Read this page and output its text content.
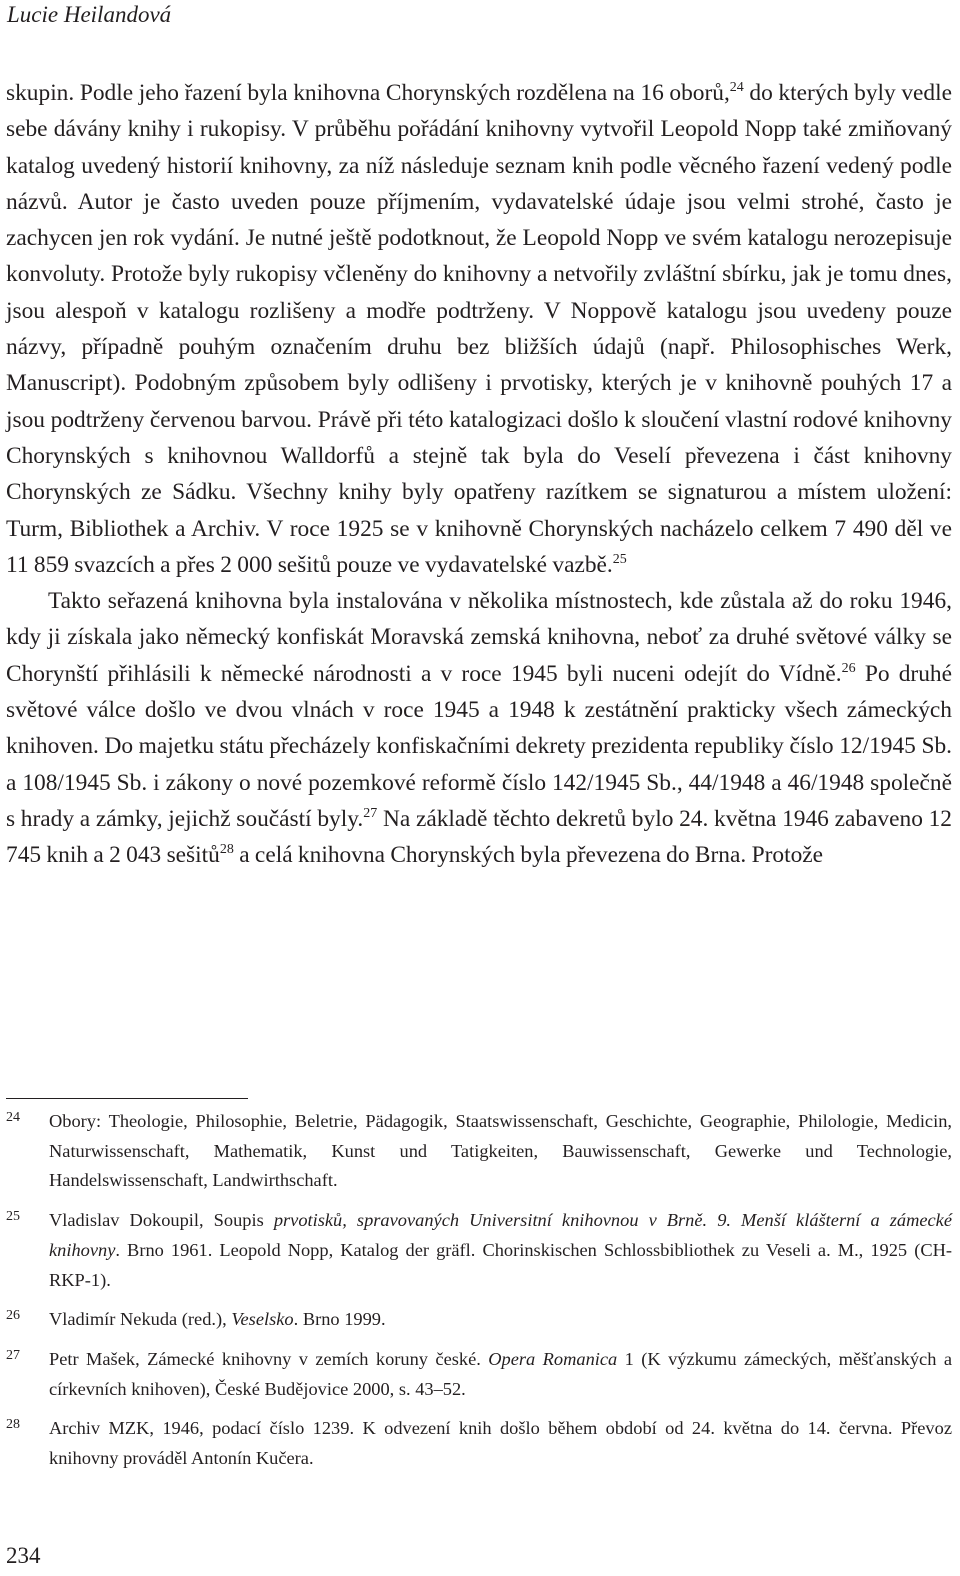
Lucie Heilandová

skupin. Podle jeho řazení byla knihovna Chorynských rozdělena na 16 oborů,$^{24}$ do kterých byly vedle sebe dávány knihy i rukopisy. V průběhu pořádání knihovny vytvořil Leopold Nopp také zmiňovaný katalog uvedený historií knihovny, za níž následuje seznam knih podle věcného řazení vedený podle názvů. Autor je často uveden pouze příjmením, vydavatelské údaje jsou velmi strohé, často je zachycen jen rok vydání. Je nutné ještě podotknout, že Leopold Nopp ve svém katalogu nerozepisuje konvoluty. Protože byly rukopisy včleněny do knihovny a netvořily zvláštní sbírku, jak je tomu dnes, jsou alespoň v katalogu rozlišeny a modře podtrženy. V Noppově katalogu jsou uvedeny pouze názvy, případně pouhým označením druhu bez bližších údajů (např. Philosophisches Werk, Manuscript). Podobným způsobem byly odlišeny i prvotisky, kterých je v knihovně pouhých 17 a jsou podtrženy červenou barvou. Právě při této katalogizaci došlo k sloučení vlastní rodové knihovny Chorynských s knihovnou Walldorfů a stejně tak byla do Veselí převezena i část knihovny Chorynských ze Sádku. Všechny knihy byly opatřeny razítkem se signaturou a místem uložení: Turm, Bibliothek a Archiv. V roce 1925 se v knihovně Chorynských nacházelo celkem 7 490 děl ve 11 859 svazcích a přes 2 000 sešitů pouze ve vydavatelské vazbě.$^{25}$

Takto seřazená knihovna byla instalována v několika místnostech, kde zůstala až do roku 1946, kdy ji získala jako německý konfiskát Moravská zemská knihovna, neboť za druhé světové války se Chorynští přihlásili k německé národnosti a v roce 1945 byli nuceni odejít do Vídně.$^{26}$ Po druhé světové válce došlo ve dvou vlnách v roce 1945 a 1948 k zestátnění prakticky všech zámeckých knihoven. Do majetku státu přecházely konfiskačními dekrety prezidenta republiky číslo 12/1945 Sb. a 108/1945 Sb. i zákony o nové pozemkové reformě číslo 142/1945 Sb., 44/1948 a 46/1948 společně s hrady a zámky, jejichž součástí byly.$^{27}$ Na základě těchto dekretů bylo 24. května 1946 zabaveno 12 745 knih a 2 043 sešitů$^{28}$ a celá knihovna Chorynských byla převezena do Brna. Protože

24	Obory: Theologie, Philosophie, Beletrie, Pädagogik, Staatswissenschaft, Geschichte, Geographie, Philologie, Medicin, Naturwissenschaft, Mathematik, Kunst und Tatigkeiten, Bauwissenschaft, Gewerke und Technologie, Handelswissenschaft, Landwirthschaft.
25	Vladislav Dokoupil, Soupis prvotisků, spravovaných Universitní knihovnou v Brně. 9. Menší klášterní a zámecké knihovny. Brno 1961. Leopold Nopp, Katalog der gräfl. Chorinskischen Schlossbibliothek zu Veseli a. M., 1925 (CH-RKP-1).
26	Vladimír Nekuda (red.), Veselsko. Brno 1999.
27	Petr Mašek, Zámecké knihovny v zemích koruny české. Opera Romanica 1 (K výzkumu zámeckých, měšťanských a církevních knihoven), České Budějovice 2000, s. 43–52.
28	Archiv MZK, 1946, podací číslo 1239. K odvezení knih došlo během období od 24. května do 14. června. Převoz knihovny prováděl Antonín Kučera.
234
